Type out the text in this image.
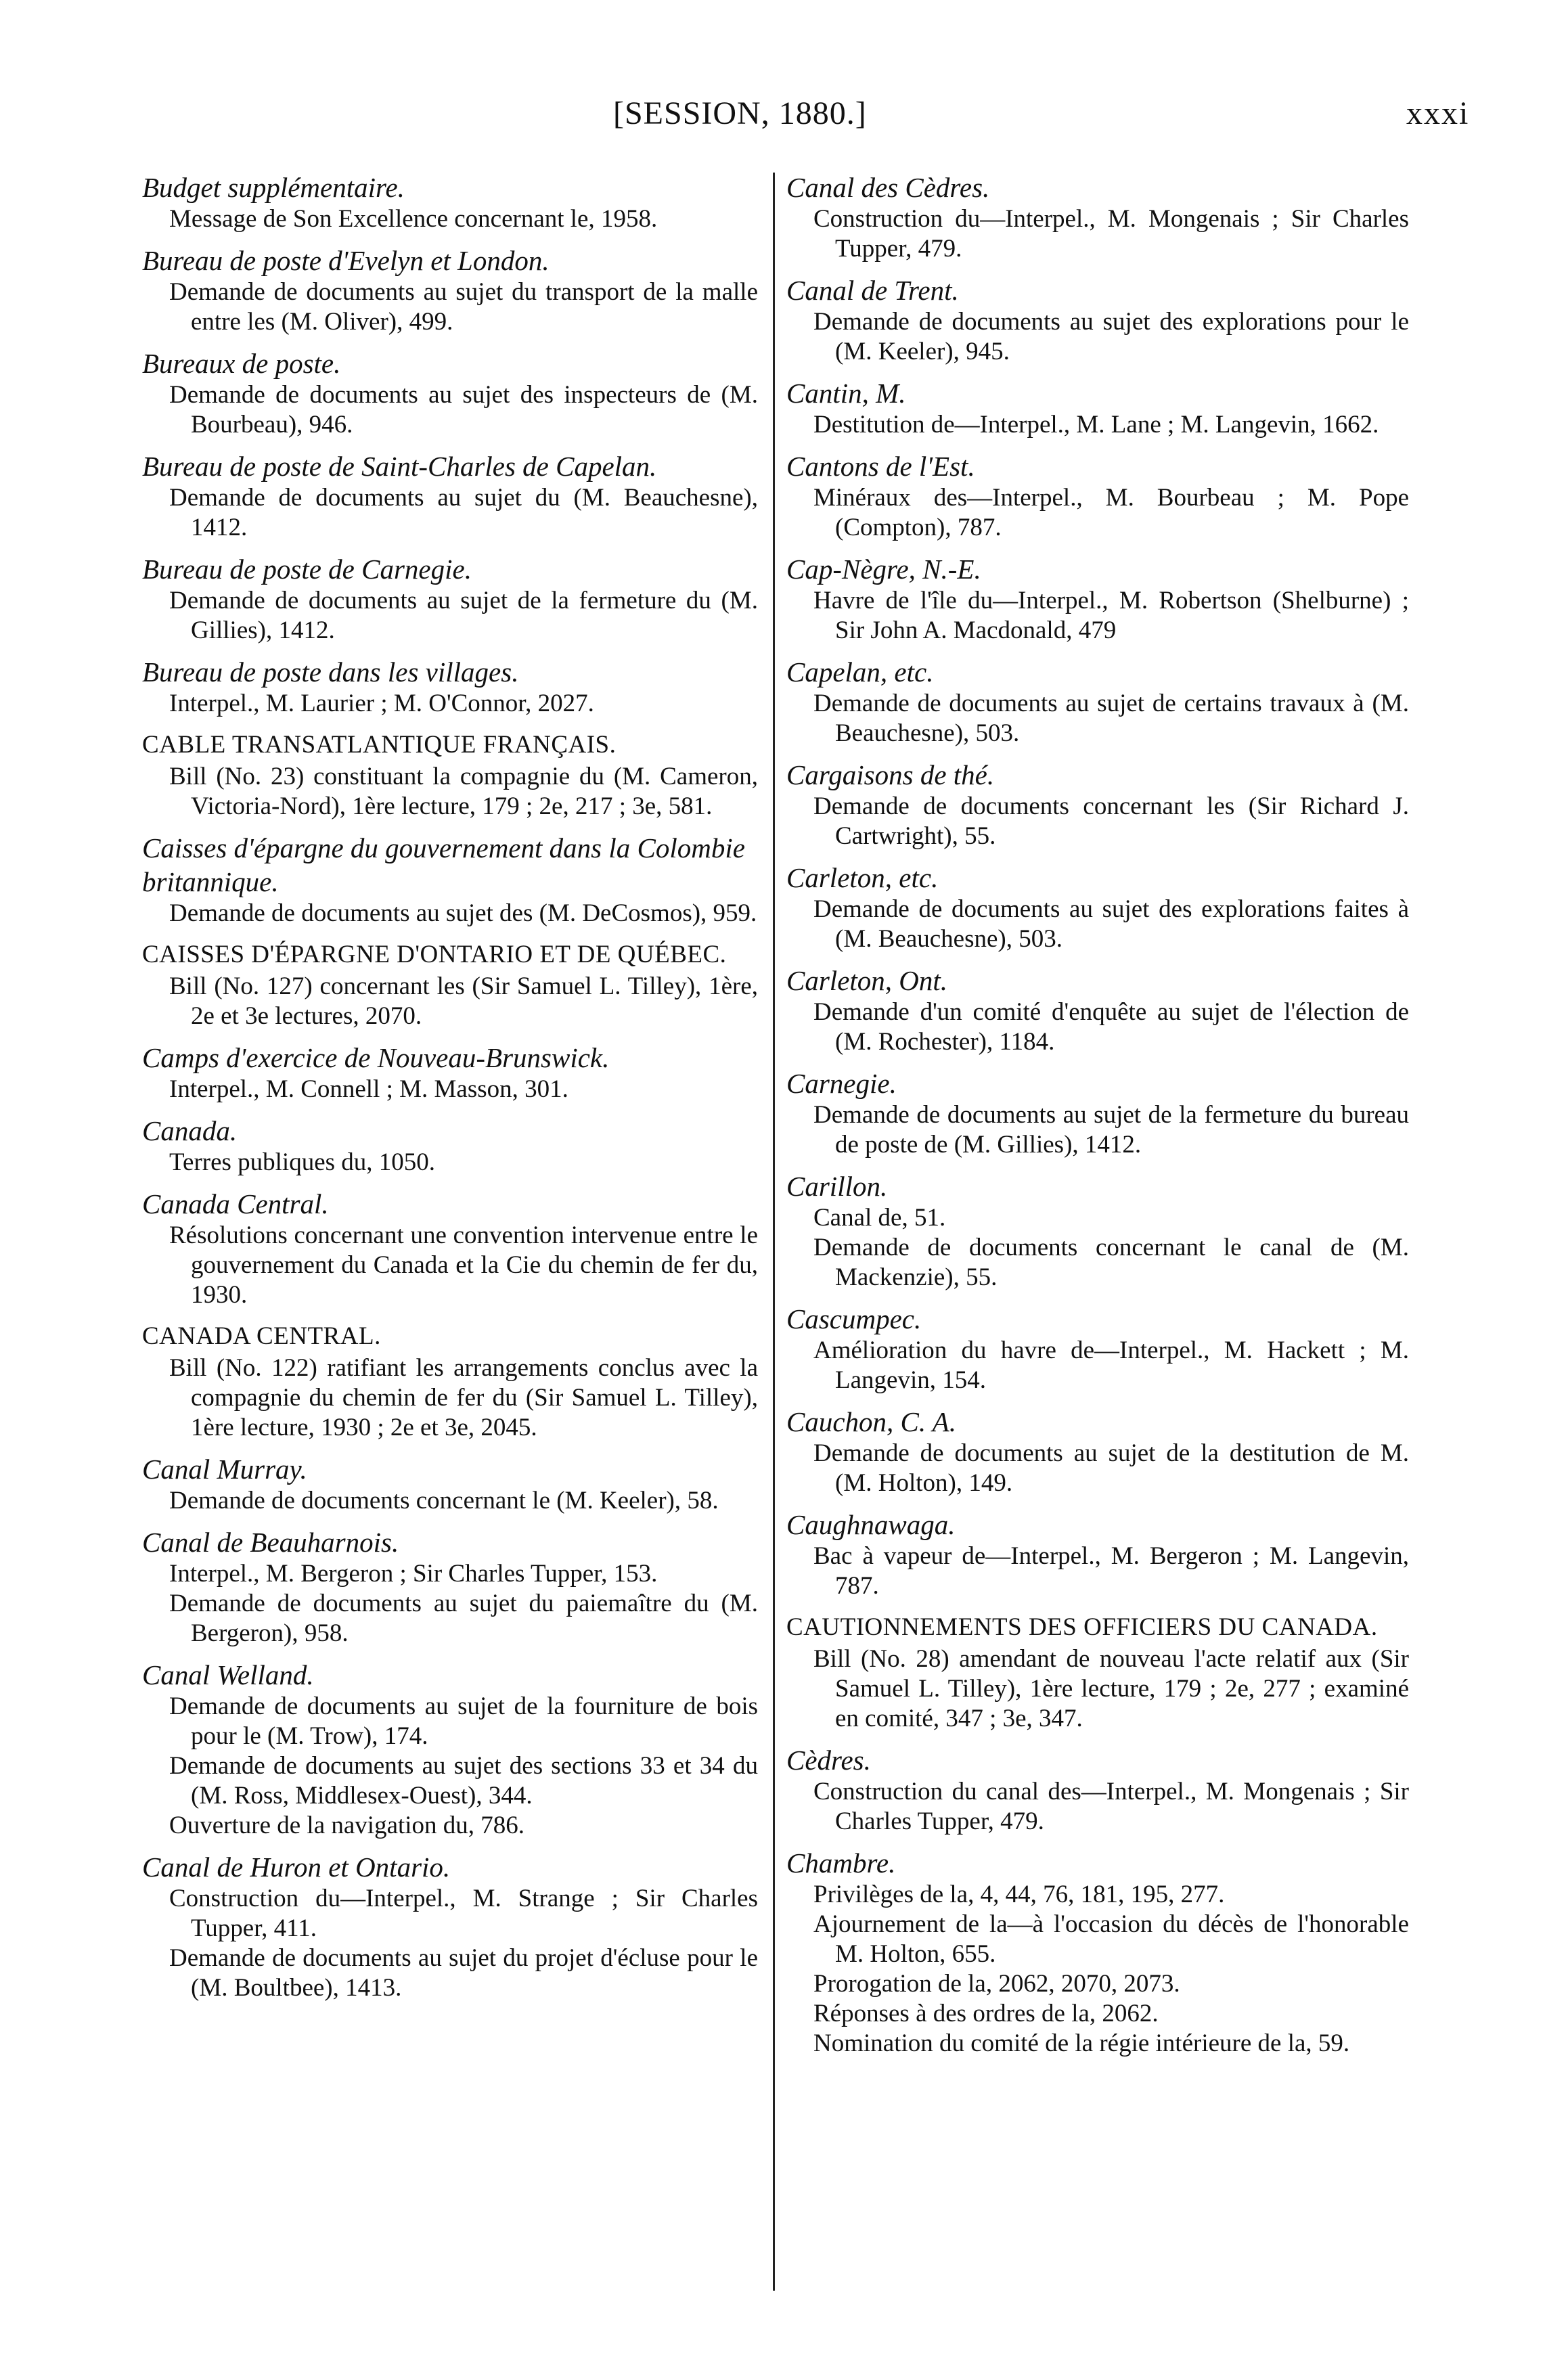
[SESSION, 1880.]	xxxi
Budget supplémentaire.
Message de Son Excellence concernant le, 1958.
Bureau de poste d'Evelyn et London.
Demande de documents au sujet du transport de la malle entre les (M. Oliver), 499.
Bureaux de poste.
Demande de documents au sujet des inspecteurs de (M. Bourbeau), 946.
Bureau de poste de Saint-Charles de Capelan.
Demande de documents au sujet du (M. Beauchesne), 1412.
Bureau de poste de Carnegie.
Demande de documents au sujet de la fermeture du (M. Gillies), 1412.
Bureau de poste dans les villages.
Interpel., M. Laurier ; M. O'Connor, 2027.
CABLE TRANSATLANTIQUE FRANÇAIS.
Bill (No. 23) constituant la compagnie du (M. Cameron, Victoria-Nord), 1ère lecture, 179 ; 2e, 217 ; 3e, 581.
Caisses d'épargne du gouvernement dans la Colombie britannique.
Demande de documents au sujet des (M. DeCosmos), 959.
CAISSES D'ÉPARGNE D'ONTARIO ET DE QUÉBEC.
Bill (No. 127) concernant les (Sir Samuel L. Tilley), 1ère, 2e et 3e lectures, 2070.
Camps d'exercice de Nouveau-Brunswick.
Interpel., M. Connell ; M. Masson, 301.
Canada.
Terres publiques du, 1050.
Canada Central.
Résolutions concernant une convention intervenue entre le gouvernement du Canada et la Cie du chemin de fer du, 1930.
CANADA CENTRAL.
Bill (No. 122) ratifiant les arrangements conclus avec la compagnie du chemin de fer du (Sir Samuel L. Tilley), 1ère lecture, 1930 ; 2e et 3e, 2045.
Canal Murray.
Demande de documents concernant le (M. Keeler), 58.
Canal de Beauharnois.
Interpel., M. Bergeron ; Sir Charles Tupper, 153.
Demande de documents au sujet du paiemaître du (M. Bergeron), 958.
Canal Welland.
Demande de documents au sujet de la fourniture de bois pour le (M. Trow), 174.
Demande de documents au sujet des sections 33 et 34 du (M. Ross, Middlesex-Ouest), 344.
Ouverture de la navigation du, 786.
Canal de Huron et Ontario.
Construction du—Interpel., M. Strange ; Sir Charles Tupper, 411.
Demande de documents au sujet du projet d'écluse pour le (M. Boultbee), 1413.
Canal des Cèdres.
Construction du—Interpel., M. Mongenais ; Sir Charles Tupper, 479.
Canal de Trent.
Demande de documents au sujet des explorations pour le (M. Keeler), 945.
Cantin, M.
Destitution de—Interpel., M. Lane ; M. Langevin, 1662.
Cantons de l'Est.
Minéraux des—Interpel., M. Bourbeau ; M. Pope (Compton), 787.
Cap-Nègre, N.-E.
Havre de l'île du—Interpel., M. Robertson (Shelburne) ; Sir John A. Macdonald, 479
Capelan, etc.
Demande de documents au sujet de certains travaux à (M. Beauchesne), 503.
Cargaisons de thé.
Demande de documents concernant les (Sir Richard J. Cartwright), 55.
Carleton, etc.
Demande de documents au sujet des explorations faites à (M. Beauchesne), 503.
Carleton, Ont.
Demande d'un comité d'enquête au sujet de l'élection de (M. Rochester), 1184.
Carnegie.
Demande de documents au sujet de la fermeture du bureau de poste de (M. Gillies), 1412.
Carillon.
Canal de, 51.
Demande de documents concernant le canal de (M. Mackenzie), 55.
Cascumpec.
Amélioration du havre de—Interpel., M. Hackett ; M. Langevin, 154.
Cauchon, C. A.
Demande de documents au sujet de la destitution de M. (M. Holton), 149.
Caughnawaga.
Bac à vapeur de—Interpel., M. Bergeron ; M. Langevin, 787.
CAUTIONNEMENTS DES OFFICIERS DU CANADA.
Bill (No. 28) amendant de nouveau l'acte relatif aux (Sir Samuel L. Tilley), 1ère lecture, 179 ; 2e, 277 ; examiné en comité, 347 ; 3e, 347.
Cèdres.
Construction du canal des—Interpel., M. Mongenais ; Sir Charles Tupper, 479.
Chambre.
Privilèges de la, 4, 44, 76, 181, 195, 277.
Ajournement de la—à l'occasion du décès de l'honorable M. Holton, 655.
Prorogation de la, 2062, 2070, 2073.
Réponses à des ordres de la, 2062.
Nomination du comité de la régie intérieure de la, 59.
